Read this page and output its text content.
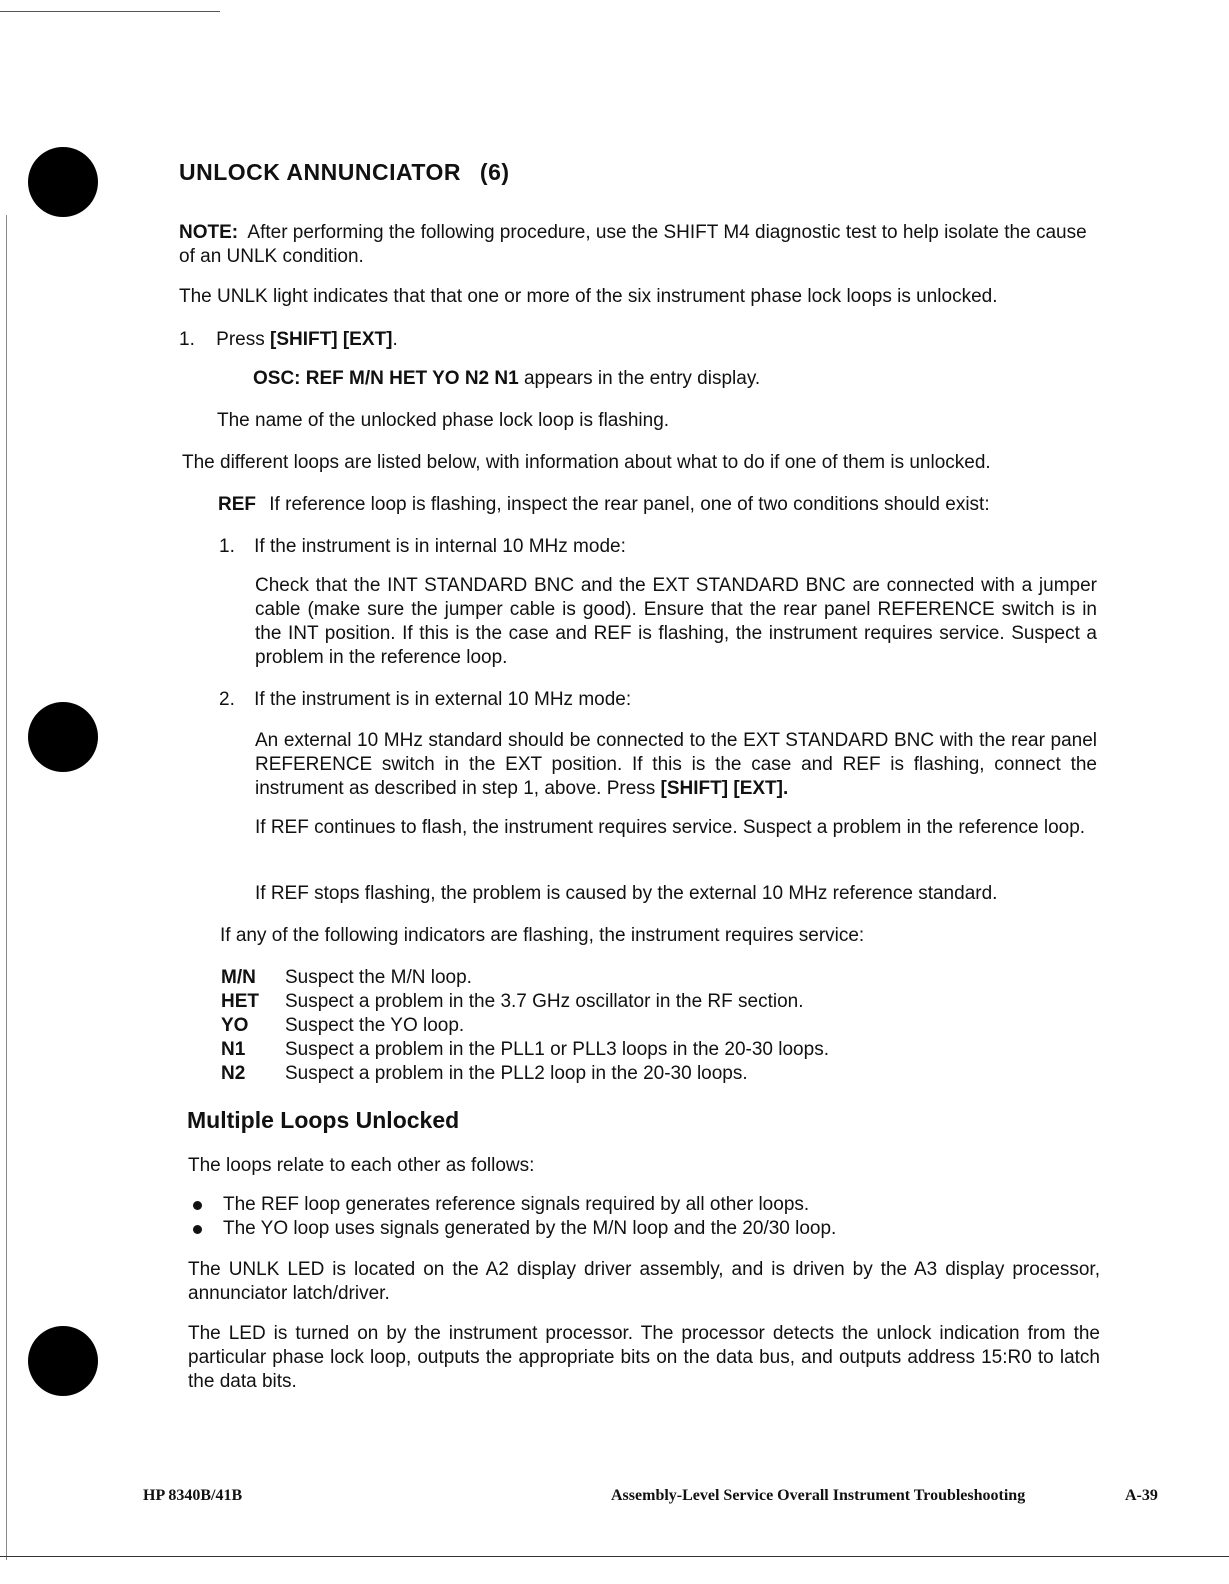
UNLOCK ANNUNCIATOR (6)

NOTE: After performing the following procedure, use the SHIFT M4 diagnostic test to help isolate the cause of an UNLK condition.

The UNLK light indicates that that one or more of the six instrument phase lock loops is unlocked.

1. Press [SHIFT] [EXT].

OSC: REF M/N HET YO N2 N1 appears in the entry display.

The name of the unlocked phase lock loop is flashing.

The different loops are listed below, with information about what to do if one of them is unlocked.

REF If reference loop is flashing, inspect the rear panel, one of two conditions should exist:

1. If the instrument is in internal 10 MHz mode:

Check that the INT STANDARD BNC and the EXT STANDARD BNC are connected with a jumper cable (make sure the jumper cable is good). Ensure that the rear panel REFERENCE switch is in the INT position. If this is the case and REF is flashing, the instrument requires service. Suspect a problem in the reference loop.

2. If the instrument is in external 10 MHz mode:

An external 10 MHz standard should be connected to the EXT STANDARD BNC with the rear panel REFERENCE switch in the EXT position. If this is the case and REF is flashing, connect the instrument as described in step 1, above. Press [SHIFT] [EXT].

If REF continues to flash, the instrument requires service. Suspect a problem in the reference loop.

If REF stops flashing, the problem is caused by the external 10 MHz reference standard.

If any of the following indicators are flashing, the instrument requires service:

M/N Suspect the M/N loop.
HET Suspect a problem in the 3.7 GHz oscillator in the RF section.
YO Suspect the YO loop.
N1 Suspect a problem in the PLL1 or PLL3 loops in the 20-30 loops.
N2 Suspect a problem in the PLL2 loop in the 20-30 loops.
Multiple Loops Unlocked

The loops relate to each other as follows:

The REF loop generates reference signals required by all other loops.
The YO loop uses signals generated by the M/N loop and the 20/30 loop.

The UNLK LED is located on the A2 display driver assembly, and is driven by the A3 display processor, annunciator latch/driver.

The LED is turned on by the instrument processor. The processor detects the unlock indication from the particular phase lock loop, outputs the appropriate bits on the data bus, and outputs address 15:R0 to latch the data bits.

HP 8340B/41B	Assembly-Level Service Overall Instrument Troubleshooting	A-39
